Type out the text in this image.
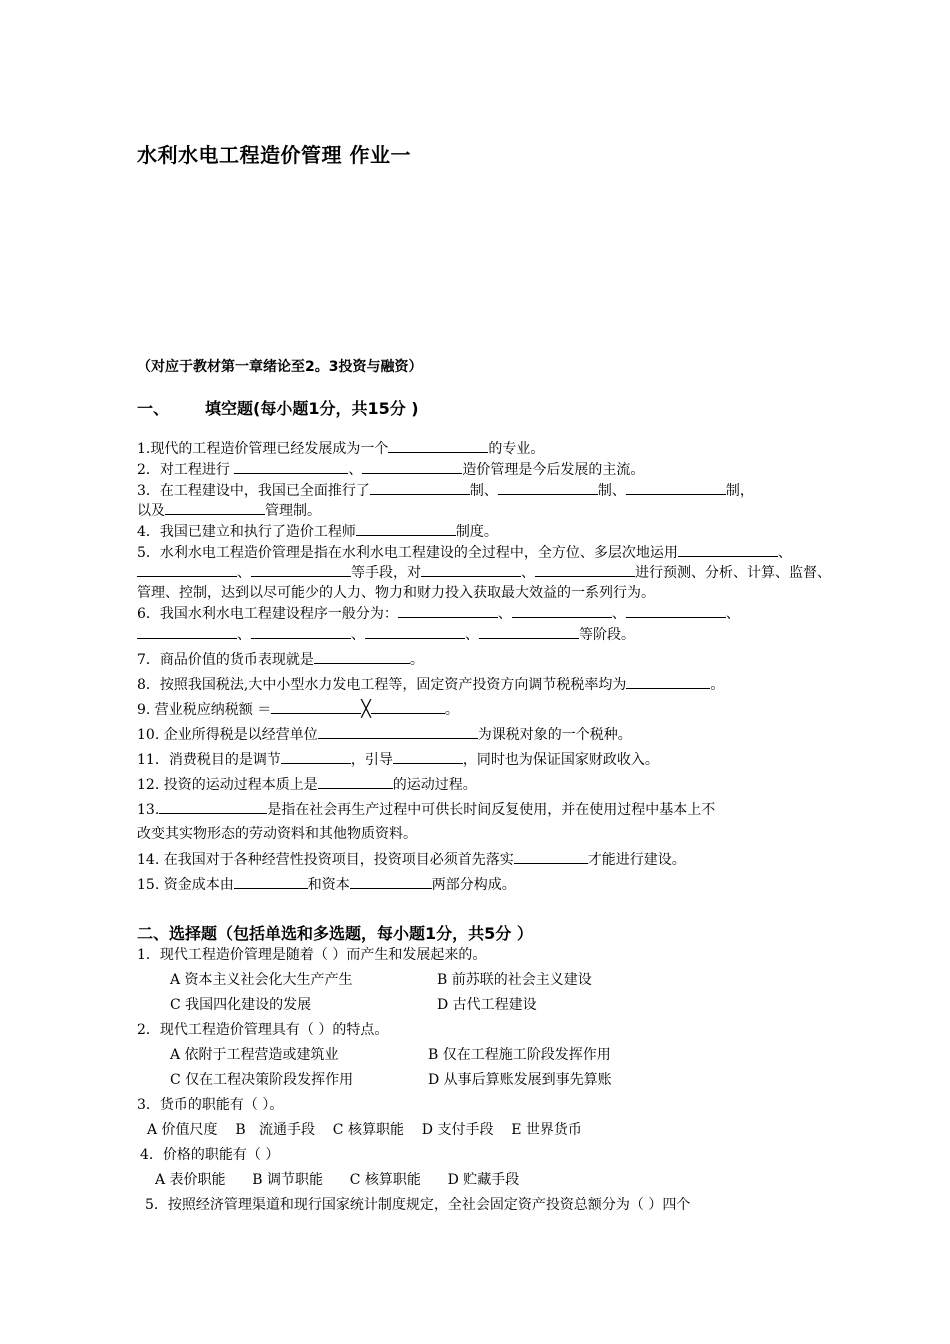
水利水电工程造价管理 作业一
（对应于教材第一章绪论至2。3投资与融资）
一、 填空题(每小题1分，共15分 )
1.现代的工程造价管理已经发展成为一个	的专业。
2．对工程进行	、	造价管理是今后发展的主流。
3．在工程建设中，我国已全面推行了	制、	制、	制，
以及	管理制。
4．我国已建立和执行了造价工程师	制度。
5．水利水电工程造价管理是指在水利水电工程建设的全过程中，全方位、多层次地运用	、
、	等手段，对	、	进行预测、分析、计算、监督、
管理、控制，达到以尽可能少的人力、物力和财力投入获取最大效益的一系列行为。
6．我国水利水电工程建设程序一般分为：	、	、	、
、	、	、	等阶段。
7．商品价值的货币表现就是	。
8．按照我国税法,大中小型水力发电工程等，固定资产投资方向调节税税率均为	。
9. 营业税应纳税额 ＝	╳	。
10. 企业所得税是以经营单位	为课税对象的一个税种。
11．消费税目的是调节	，引导	，同时也为保证国家财政收入。
12. 投资的运动过程本质上是	的运动过程。
13.	是指在社会再生产过程中可供长时间反复使用，并在使用过程中基本上不
改变其实物形态的劳动资料和其他物质资料。
14. 在我国对于各种经营性投资项目，投资项目必须首先落实	才能进行建设。
15. 资金成本由	和资本	两部分构成。
二、选择题（包括单选和多选题，每小题1分，共5分 ）
1．现代工程造价管理是随着（ ）而产生和发展起来的。
A 资本主义社会化大生产产生	B 前苏联的社会主义建设
C 我国四化建设的发展	D 古代工程建设
2．现代工程造价管理具有（ ）的特点。
A 依附于工程营造或建筑业	B 仅在工程施工阶段发挥作用
C 仅在工程决策阶段发挥作用	D 从事后算账发展到事先算账
3．货币的职能有（ ）。
A 价值尺度    B   流通手段    C 核算职能    D 支付手段    E 世界货币
4．价格的职能有（ ）
A 表价职能      B 调节职能      C 核算职能      D 贮藏手段
5．按照经济管理渠道和现行国家统计制度规定，全社会固定资产投资总额分为（ ）四个
